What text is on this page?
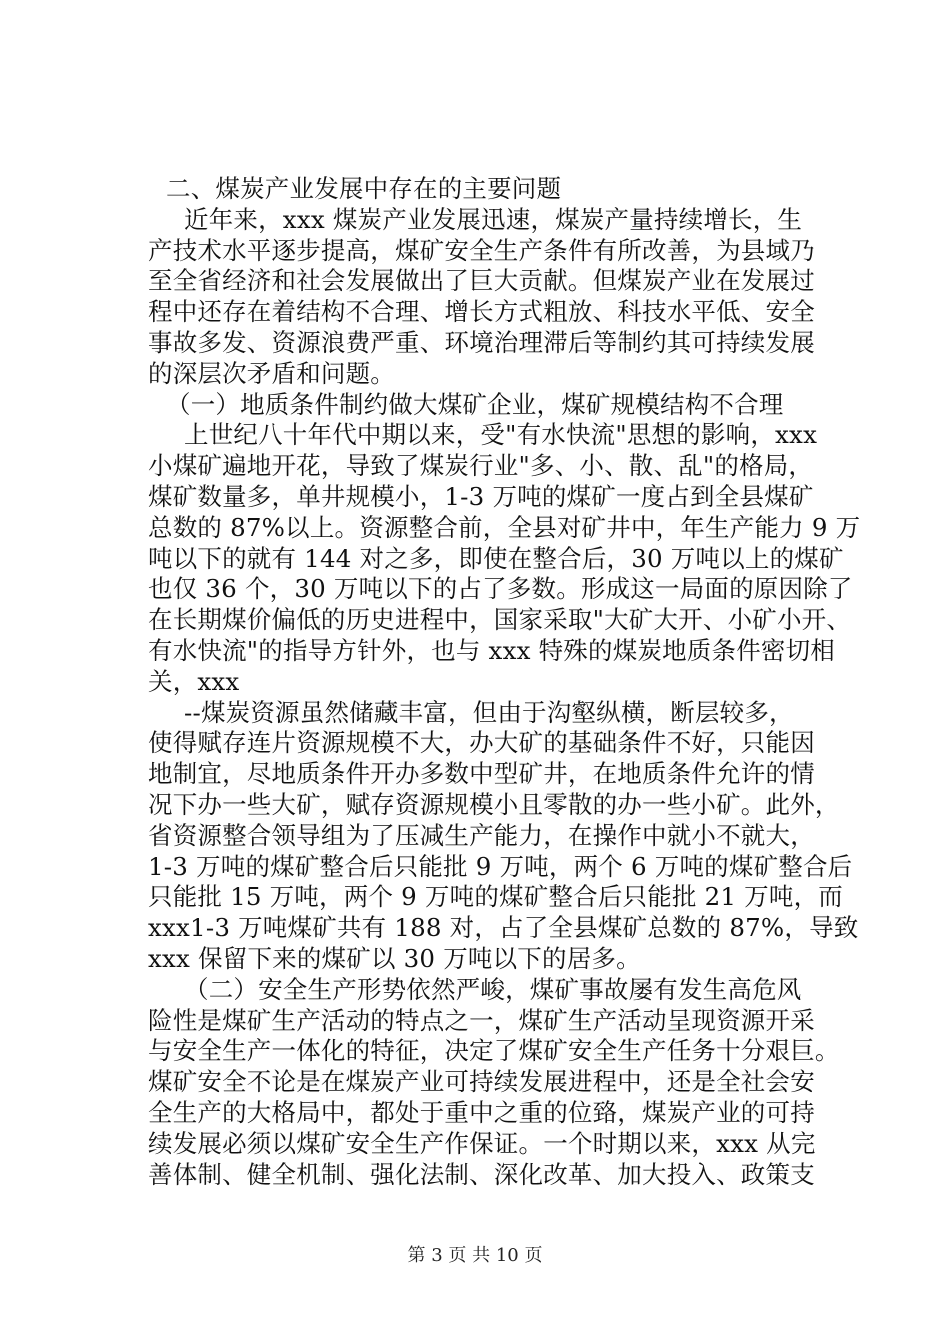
二、煤炭产业发展中存在的主要问题
近年来，xxx 煤炭产业发展迅速，煤炭产量持续增长，生
产技术水平逐步提高，煤矿安全生产条件有所改善，为县域乃
至全省经济和社会发展做出了巨大贡献。但煤炭产业在发展过
程中还存在着结构不合理、增长方式粗放、科技水平低、安全
事故多发、资源浪费严重、环境治理滞后等制约其可持续发展
的深层次矛盾和问题。
（一）地质条件制约做大煤矿企业，煤矿规模结构不合理
上世纪八十年代中期以来，受"有水快流"思想的影响，xxx
小煤矿遍地开花，导致了煤炭行业"多、小、散、乱"的格局，
煤矿数量多，单井规模小，1-3 万吨的煤矿一度占到全县煤矿
总数的 87%以上。资源整合前，全县对矿井中，年生产能力 9 万
吨以下的就有 144 对之多，即使在整合后，30 万吨以上的煤矿
也仅 36 个，30 万吨以下的占了多数。形成这一局面的原因除了
在长期煤价偏低的历史进程中，国家采取"大矿大开、小矿小开、
有水快流"的指导方针外，也与 xxx 特殊的煤炭地质条件密切相
关，xxx
--煤炭资源虽然储藏丰富，但由于沟壑纵横，断层较多，
使得赋存连片资源规模不大，办大矿的基础条件不好，只能因
地制宜，尽地质条件开办多数中型矿井，在地质条件允许的情
况下办一些大矿，赋存资源规模小且零散的办一些小矿。此外，
省资源整合领导组为了压减生产能力，在操作中就小不就大，
1-3 万吨的煤矿整合后只能批 9 万吨，两个 6 万吨的煤矿整合后
只能批 15 万吨，两个 9 万吨的煤矿整合后只能批 21 万吨，而
xxx1-3 万吨煤矿共有 188 对，占了全县煤矿总数的 87%，导致
xxx 保留下来的煤矿以 30 万吨以下的居多。
（二）安全生产形势依然严峻，煤矿事故屡有发生高危风
险性是煤矿生产活动的特点之一，煤矿生产活动呈现资源开采
与安全生产一体化的特征，决定了煤矿安全生产任务十分艰巨。
煤矿安全不论是在煤炭产业可持续发展进程中，还是全社会安
全生产的大格局中，都处于重中之重的位臵，煤炭产业的可持
续发展必须以煤矿安全生产作保证。一个时期以来，xxx 从完
善体制、健全机制、强化法制、深化改革、加大投入、政策支
第 3 页 共 10 页
